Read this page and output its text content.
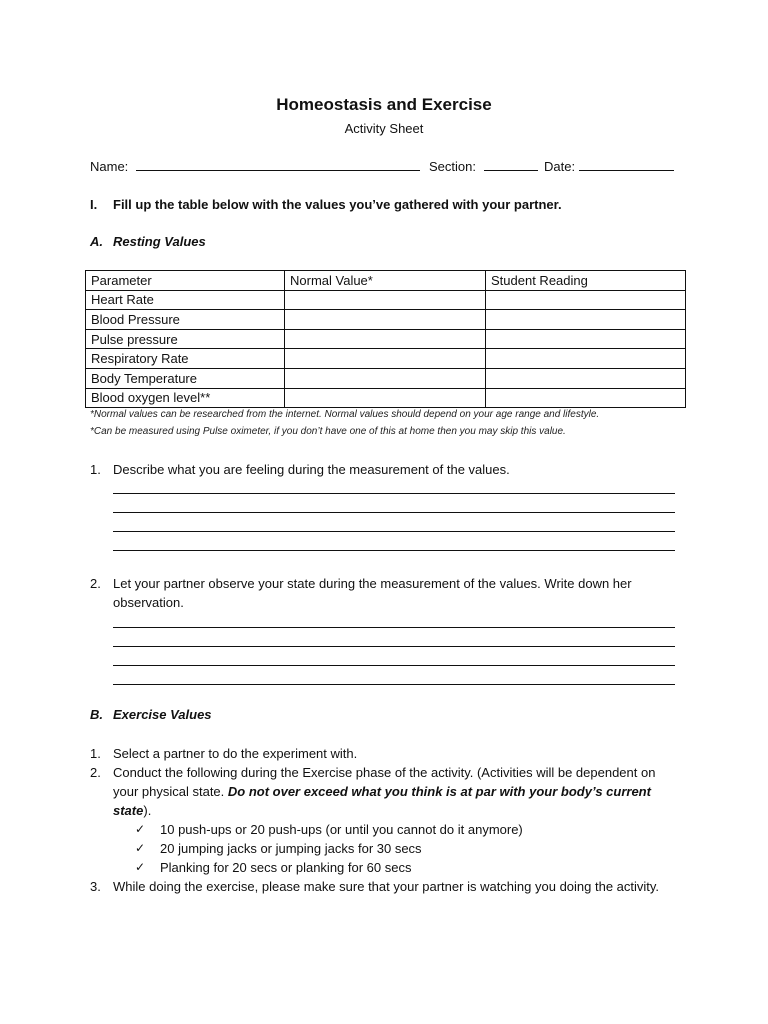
Homeostasis and Exercise
Activity Sheet
Name:	Section:	Date:
I. Fill up the table below with the values you’ve gathered with your partner.
A. Resting Values
Parameter	Normal Value*	Student Reading
Heart Rate		
Blood Pressure		
Pulse pressure		
Respiratory Rate		
Body Temperature		
Blood oxygen level**		
*Normal values can be researched from the internet. Normal values should depend on your age range and lifestyle.
*Can be measured using Pulse oximeter, if you don’t have one of this at home then you may skip this value.
1. Describe what you are feeling during the measurement of the values.
2. Let your partner observe your state during the measurement of the values. Write down her observation.
B. Exercise Values
1. Select a partner to do the experiment with.
2. Conduct the following during the Exercise phase of the activity. (Activities will be dependent on your physical state. Do not over exceed what you think is at par with your body’s current state).
✓ 10 push-ups or 20 push-ups (or until you cannot do it anymore)
✓ 20 jumping jacks or jumping jacks for 30 secs
✓ Planking for 20 secs or planking for 60 secs
3. While doing the exercise, please make sure that your partner is watching you doing the activity.
